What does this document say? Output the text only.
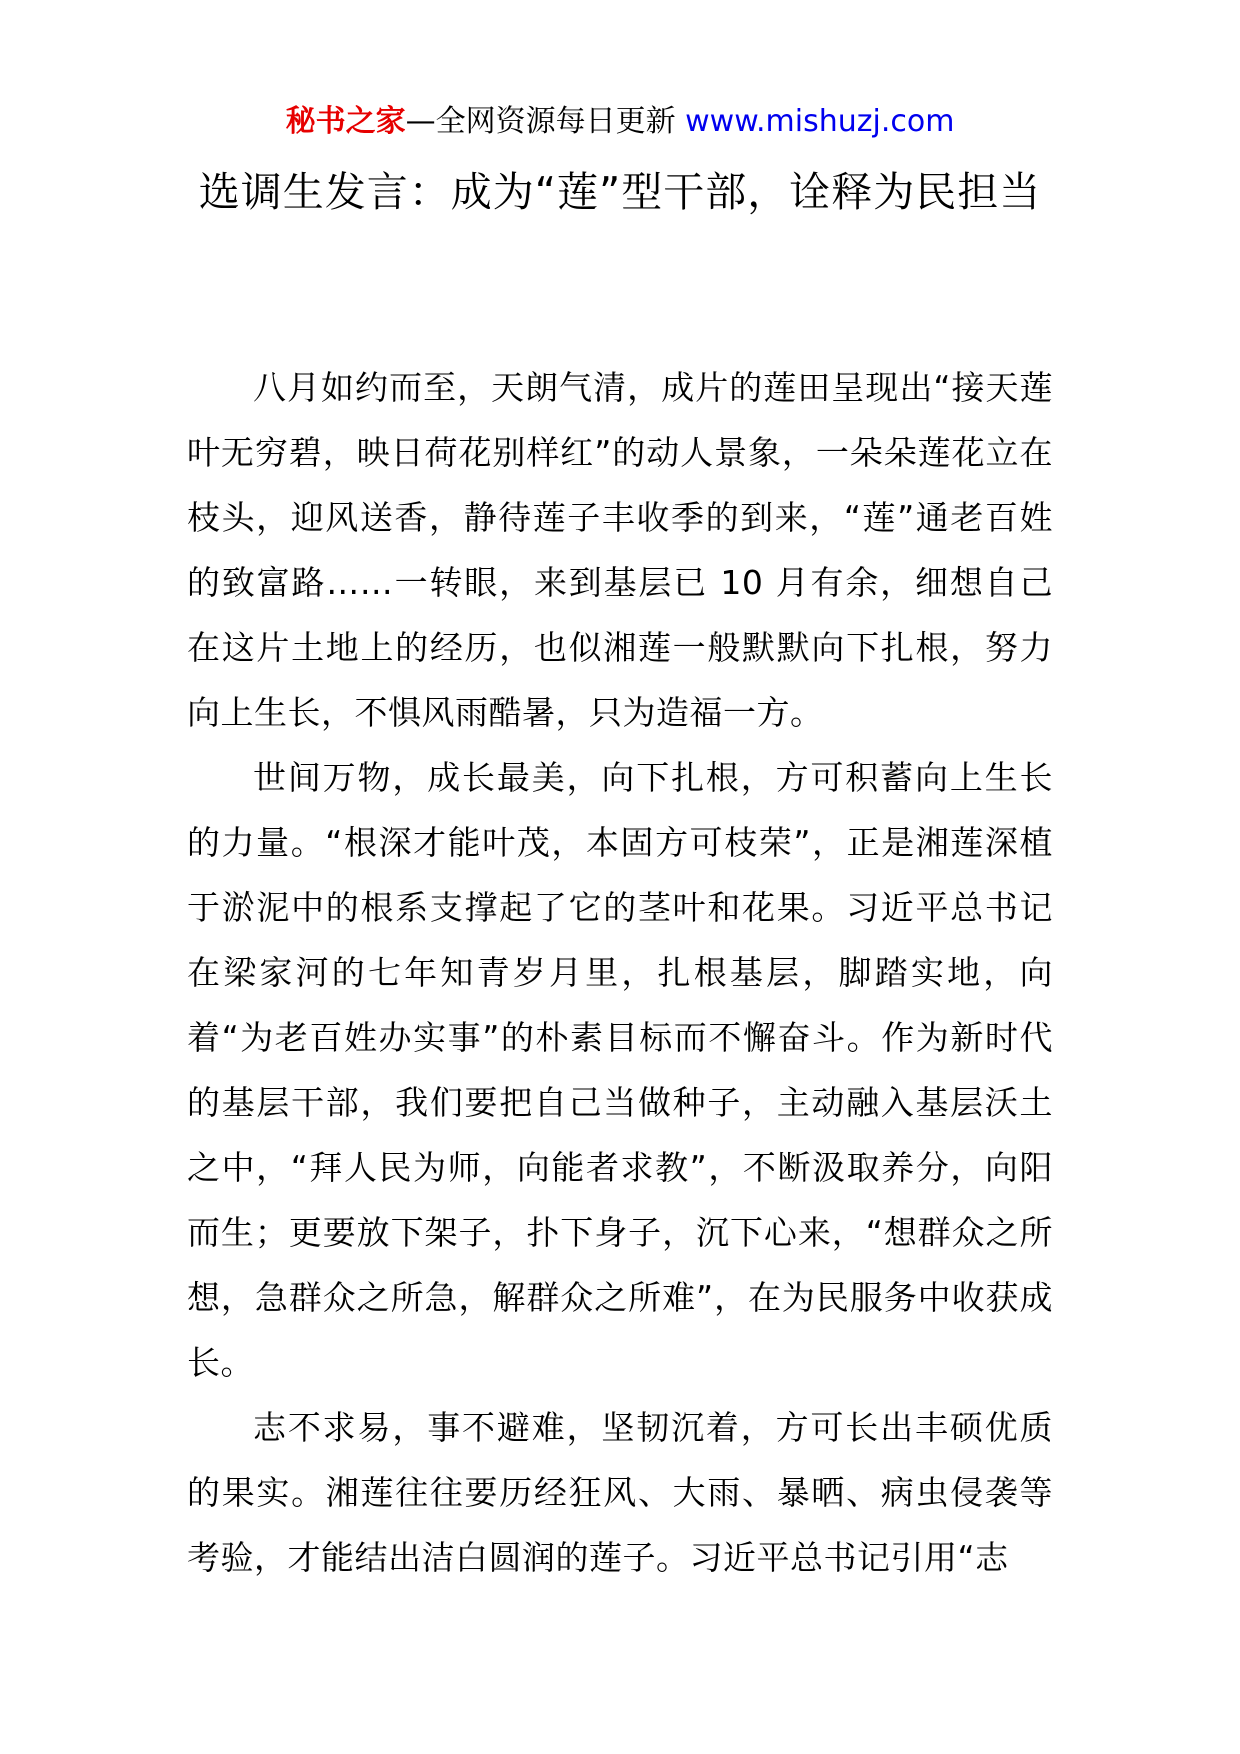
秘书之家—全网资源每日更新 www.mishuzj.com
选调生发言：成为“莲”型干部，诠释为民担当

八月如约而至，天朗气清，成片的莲田呈现出“接天莲叶无穷碧，映日荷花别样红”的动人景象，一朵朵莲花立在枝头，迎风送香，静待莲子丰收季的到来，“莲”通老百姓的致富路……一转眼，来到基层已 10 月有余，细想自己在这片土地上的经历，也似湘莲一般默默向下扎根，努力向上生长，不惧风雨酷暑，只为造福一方。

世间万物，成长最美，向下扎根，方可积蓄向上生长的力量。“根深才能叶茂，本固方可枝荣”，正是湘莲深植于淤泥中的根系支撑起了它的茎叶和花果。习近平总书记在梁家河的七年知青岁月里，扎根基层，脚踏实地，向着“为老百姓办实事”的朴素目标而不懈奋斗。作为新时代的基层干部，我们要把自己当做种子，主动融入基层沃土之中，“拜人民为师，向能者求教”，不断汲取养分，向阳而生；更要放下架子，扑下身子，沉下心来，“想群众之所想，急群众之所急，解群众之所难”，在为民服务中收获成长。

志不求易，事不避难，坚韧沉着，方可长出丰硕优质的果实。湘莲往往要历经狂风、大雨、暴晒、病虫侵袭等考验，才能结出洁白圆润的莲子。习近平总书记引用“志
